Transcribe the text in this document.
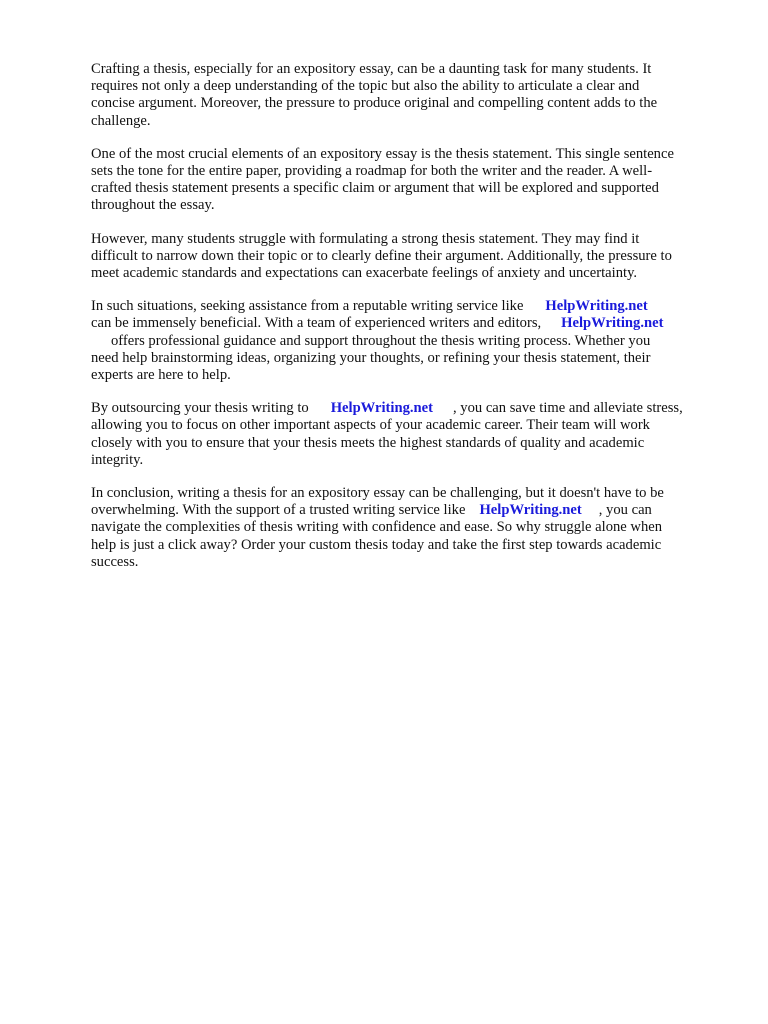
Crafting a thesis, especially for an expository essay, can be a daunting task for many students. It
requires not only a deep understanding of the topic but also the ability to articulate a clear and
concise argument. Moreover, the pressure to produce original and compelling content adds to the
challenge.

One of the most crucial elements of an expository essay is the thesis statement. This single sentence
sets the tone for the entire paper, providing a roadmap for both the writer and the reader. A well-
crafted thesis statement presents a specific claim or argument that will be explored and supported
throughout the essay.

However, many students struggle with formulating a strong thesis statement. They may find it
difficult to narrow down their topic or to clearly define their argument. Additionally, the pressure to
meet academic standards and expectations can exacerbate feelings of anxiety and uncertainty.

In such situations, seeking assistance from a reputable writing service like HelpWriting.net
can be immensely beneficial. With a team of experienced writers and editors, HelpWriting.net
offers professional guidance and support throughout the thesis writing process. Whether you
need help brainstorming ideas, organizing your thoughts, or refining your thesis statement, their
experts are here to help.

By outsourcing your thesis writing to HelpWriting.net , you can save time and alleviate stress,
allowing you to focus on other important aspects of your academic career. Their team will work
closely with you to ensure that your thesis meets the highest standards of quality and academic
integrity.

In conclusion, writing a thesis for an expository essay can be challenging, but it doesn't have to be
overwhelming. With the support of a trusted writing service like HelpWriting.net , you can
navigate the complexities of thesis writing with confidence and ease. So why struggle alone when
help is just a click away? Order your custom thesis today and take the first step towards academic
success.
